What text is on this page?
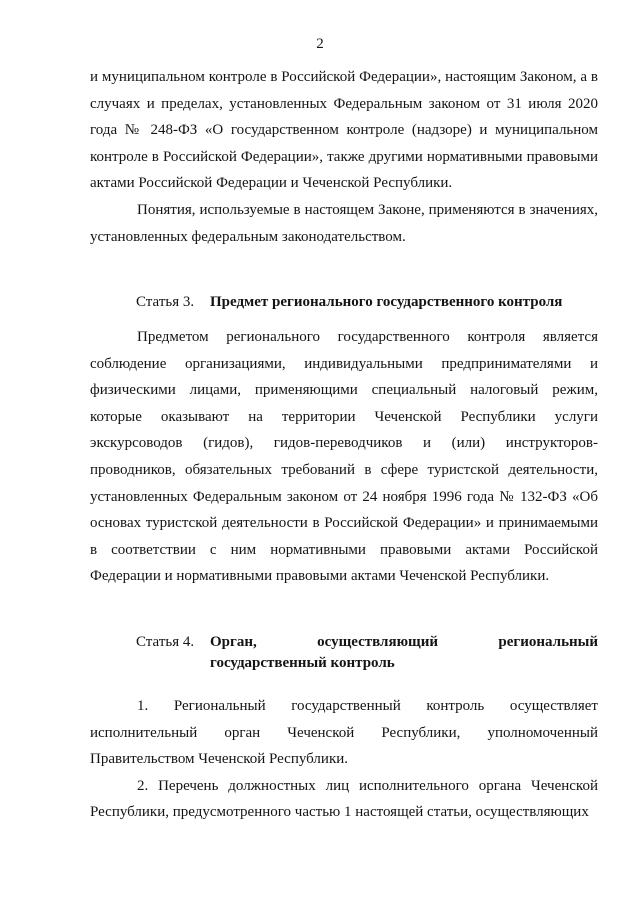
2

и муниципальном контроле в Российской Федерации», настоящим Законом, а в случаях и пределах, установленных Федеральным законом от 31 июля 2020 года № 248-ФЗ «О государственном контроле (надзоре) и муниципальном контроле в Российской Федерации», также другими нормативными правовыми актами Российской Федерации и Чеченской Республики.

Понятия, используемые в настоящем Законе, применяются в значениях, установленных федеральным законодательством.

Статья 3. Предмет регионального государственного контроля

Предметом регионального государственного контроля является соблюдение организациями, индивидуальными предпринимателями и физическими лицами, применяющими специальный налоговый режим, которые оказывают на территории Чеченской Республики услуги экскурсоводов (гидов), гидов-переводчиков и (или) инструкторов-проводников, обязательных требований в сфере туристской деятельности, установленных Федеральным законом от 24 ноября 1996 года № 132-ФЗ «Об основах туристской деятельности в Российской Федерации» и принимаемыми в соответствии с ним нормативными правовыми актами Российской Федерации и нормативными правовыми актами Чеченской Республики.

Статья 4. Орган, осуществляющий региональный
государственный контроль

1. Региональный государственный контроль осуществляет исполнительный орган Чеченской Республики, уполномоченный Правительством Чеченской Республики.

2. Перечень должностных лиц исполнительного органа Чеченской Республики, предусмотренного частью 1 настоящей статьи, осуществляющих
